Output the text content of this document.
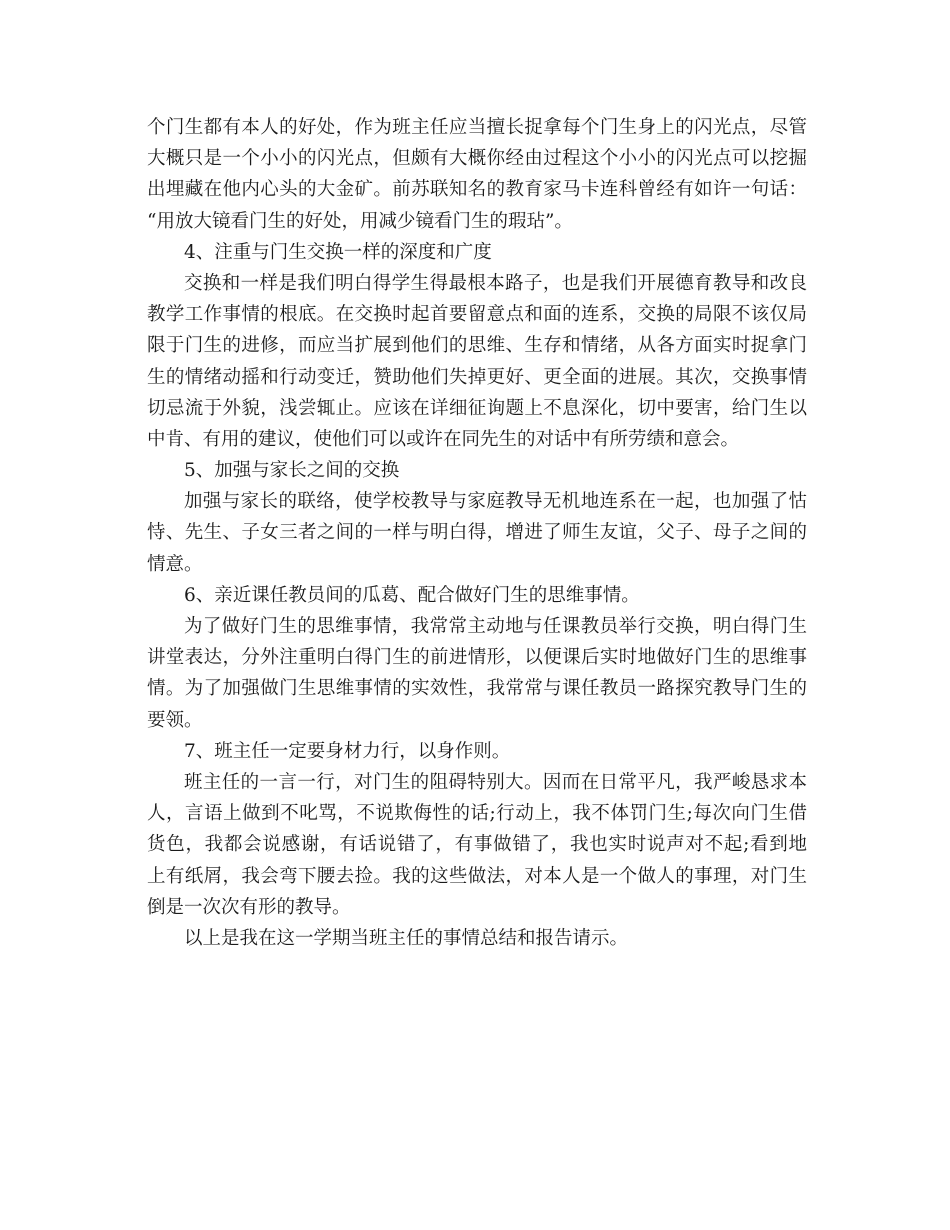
个门生都有本人的好处，作为班主任应当擅长捉拿每个门生身上的闪光点，尽管
大概只是一个小小的闪光点，但颇有大概你经由过程这个小小的闪光点可以挖掘
出埋藏在他内心头的大金矿。前苏联知名的教育家马卡连科曾经有如许一句话：
“用放大镜看门生的好处，用减少镜看门生的瑕玷”。
4、注重与门生交换一样的深度和广度
交换和一样是我们明白得学生得最根本路子，也是我们开展德育教导和改良
教学工作事情的根底。在交换时起首要留意点和面的连系，交换的局限不该仅局
限于门生的进修，而应当扩展到他们的思维、生存和情绪，从各方面实时捉拿门
生的情绪动摇和行动变迁，赞助他们失掉更好、更全面的进展。其次，交换事情
切忌流于外貌，浅尝辄止。应该在详细征询题上不息深化，切中要害，给门生以
中肯、有用的建议，使他们可以或许在同先生的对话中有所劳绩和意会。
5、加强与家长之间的交换
加强与家长的联络，使学校教导与家庭教导无机地连系在一起，也加强了怙
恃、先生、子女三者之间的一样与明白得，增进了师生友谊，父子、母子之间的
情意。
6、亲近课任教员间的瓜葛、配合做好门生的思维事情。
为了做好门生的思维事情，我常常主动地与任课教员举行交换，明白得门生
讲堂表达，分外注重明白得门生的前进情形，以便课后实时地做好门生的思维事
情。为了加强做门生思维事情的实效性，我常常与课任教员一路探究教导门生的
要领。
7、班主任一定要身材力行，以身作则。
班主任的一言一行，对门生的阻碍特别大。因而在日常平凡，我严峻恳求本
人，言语上做到不叱骂，不说欺侮性的话;行动上，我不体罚门生;每次向门生借
货色，我都会说感谢，有话说错了，有事做错了，我也实时说声对不起;看到地
上有纸屑，我会弯下腰去捡。我的这些做法，对本人是一个做人的事理，对门生
倒是一次次有形的教导。
以上是我在这一学期当班主任的事情总结和报告请示。
